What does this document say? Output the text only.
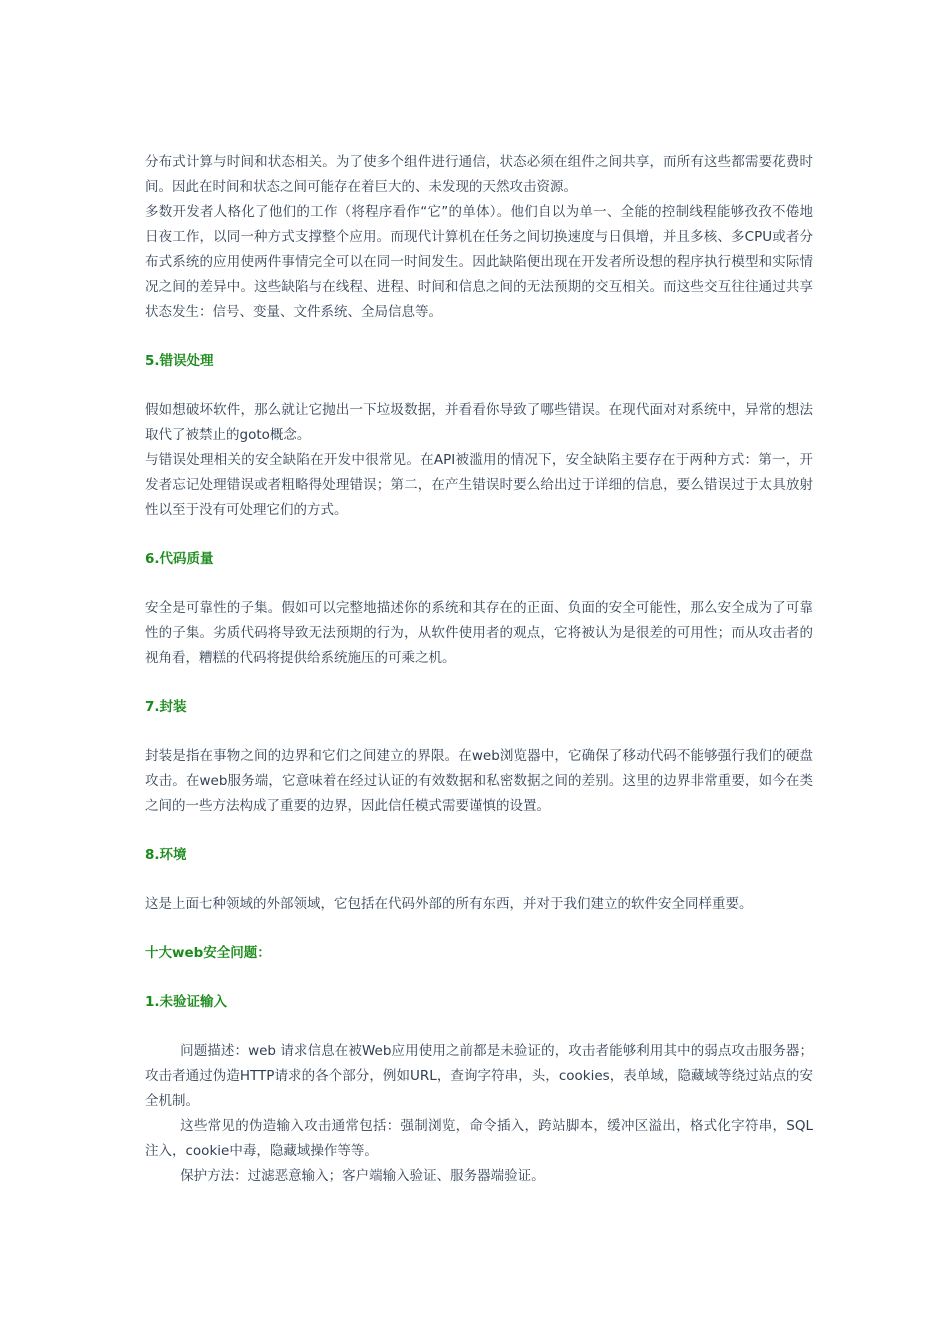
分布式计算与时间和状态相关。为了使多个组件进行通信，状态必须在组件之间共享，而所有这些都需要花费时间。因此在时间和状态之间可能存在着巨大的、未发现的天然攻击资源。

多数开发者人格化了他们的工作（将程序看作“它”的单体）。他们自以为单一、全能的控制线程能够孜孜不倦地日夜工作，以同一种方式支撑整个应用。而现代计算机在任务之间切换速度与日俱增，并且多核、多CPU或者分布式系统的应用使两件事情完全可以在同一时间发生。因此缺陷便出现在开发者所设想的程序执行模型和实际情况之间的差异中。这些缺陷与在线程、进程、时间和信息之间的无法预期的交互相关。而这些交互往往通过共享状态发生：信号、变量、文件系统、全局信息等。

5.错误处理

假如想破坏软件，那么就让它抛出一下垃圾数据，并看看你导致了哪些错误。在现代面对对系统中，异常的想法取代了被禁止的goto概念。

与错误处理相关的安全缺陷在开发中很常见。在API被滥用的情况下，安全缺陷主要存在于两种方式：第一，开发者忘记处理错误或者粗略得处理错误；第二，在产生错误时要么给出过于详细的信息，要么错误过于太具放射性以至于没有可处理它们的方式。

6.代码质量

安全是可靠性的子集。假如可以完整地描述你的系统和其存在的正面、负面的安全可能性，那么安全成为了可靠性的子集。劣质代码将导致无法预期的行为，从软件使用者的观点，它将被认为是很差的可用性；而从攻击者的视角看，糟糕的代码将提供给系统施压的可乘之机。

7.封装

封装是指在事物之间的边界和它们之间建立的界限。在web浏览器中，它确保了移动代码不能够强行我们的硬盘攻击。在web服务端，它意味着在经过认证的有效数据和私密数据之间的差别。这里的边界非常重要，如今在类之间的一些方法构成了重要的边界，因此信任模式需要谨慎的设置。

8.环境

这是上面七种领域的外部领域，它包括在代码外部的所有东西，并对于我们建立的软件安全同样重要。

十大web安全问题：

1.未验证输入

问题描述：web 请求信息在被Web应用使用之前都是未验证的，攻击者能够利用其中的弱点攻击服务器；攻击者通过伪造HTTP请求的各个部分，例如URL，查询字符串，头，cookies，表单域，隐藏域等绕过站点的安全机制。

这些常见的伪造输入攻击通常包括：强制浏览，命令插入，跨站脚本，缓冲区溢出，格式化字符串，SQL注入，cookie中毒，隐藏域操作等等。

保护方法：过滤恶意输入；客户端输入验证、服务器端验证。
